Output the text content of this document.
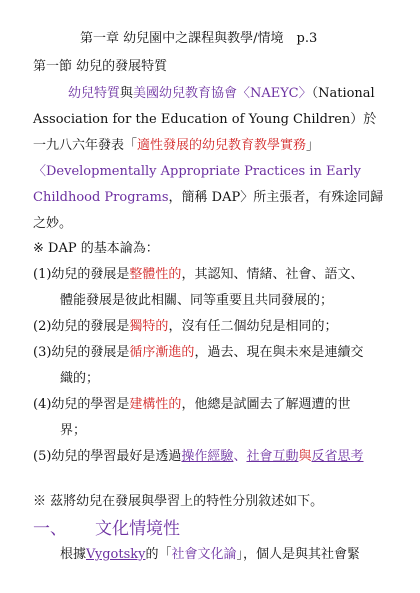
第一章 幼兒園中之課程與教學/情境　p.3
第一節 幼兒的發展特質
幼兒特質與美國幼兒教育協會〈NAEYC〉（National
Association for the Education of Young Children）於
一九八六年發表「適性發展的幼兒教育教學實務」
〈Developmentally Appropriate Practices in Early
Childhood Programs，簡稱 DAP〉所主張者，有殊途同歸
之妙。
※ DAP 的基本論為：
(1)幼兒的發展是整體性的，其認知、情緒、社會、語文、
體能發展是彼此相關、同等重要且共同發展的；
(2)幼兒的發展是獨特的，沒有任二個幼兒是相同的；
(3)幼兒的發展是循序漸進的，過去、現在與未來是連續交
織的；
(4)幼兒的學習是建構性的，他總是試圖去了解週遭的世
界；
(5)幼兒的學習最好是透過操作經驗、社會互動與反省思考
※ 茲將幼兒在發展與學習上的特性分別敘述如下。
一、 文化情境性
根據Vygotsky的「社會文化論」，個人是與其社會緊
